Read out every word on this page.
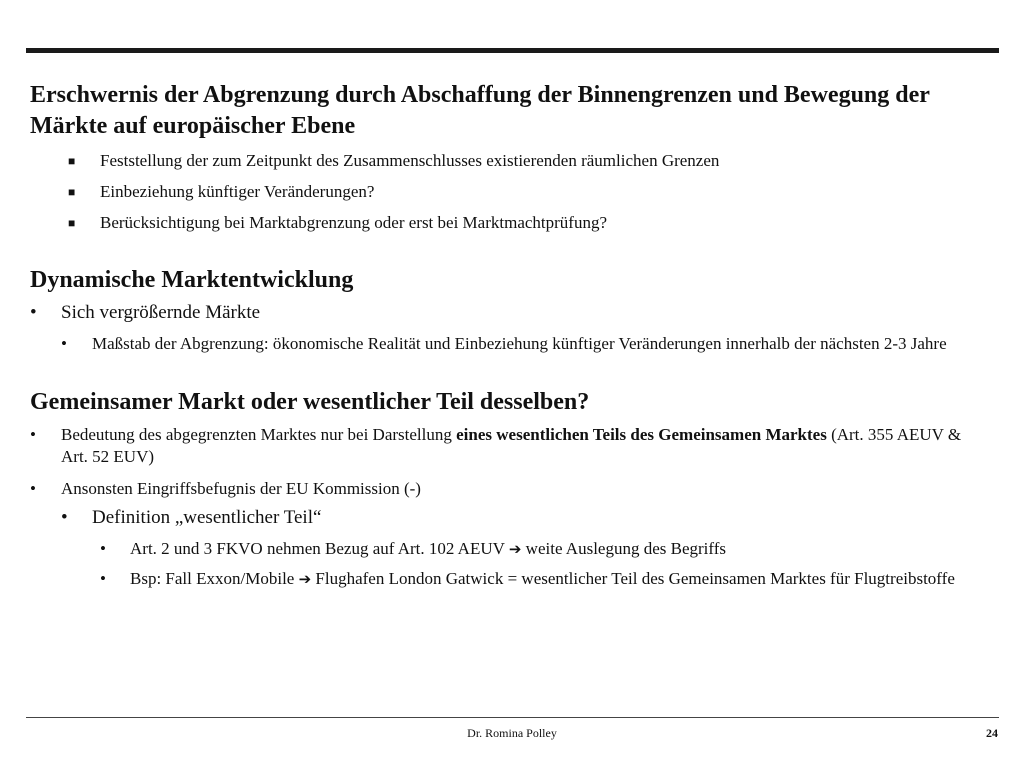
Erschwernis der Abgrenzung durch Abschaffung der Binnengrenzen und Bewegung der Märkte auf europäischer Ebene
■ Feststellung der zum Zeitpunkt des Zusammenschlusses existierenden räumlichen Grenzen
■ Einbeziehung künftiger Veränderungen?
■ Berücksichtigung bei Marktabgrenzung oder erst bei Marktmachtprüfung?
Dynamische Marktentwicklung
• Sich vergrößernde Märkte
• Maßstab der Abgrenzung: ökonomische Realität und Einbeziehung künftiger Veränderungen innerhalb der nächsten 2-3 Jahre
Gemeinsamer Markt oder wesentlicher Teil desselben?
• Bedeutung des abgegrenzten Marktes nur bei Darstellung eines wesentlichen Teils des Gemeinsamen Marktes (Art. 355 AEUV & Art. 52 EUV)
• Ansonsten Eingriffsbefugnis der EU Kommission (-)
• Definition „wesentlicher Teil“
• Art. 2 und 3 FKVO nehmen Bezug auf Art. 102 AEUV ➔ weite Auslegung des Begriffs
• Bsp: Fall Exxon/Mobile ➔ Flughafen London Gatwick = wesentlicher Teil des Gemeinsamen Marktes für Flugtreibstoffe
Dr. Romina Polley	24
